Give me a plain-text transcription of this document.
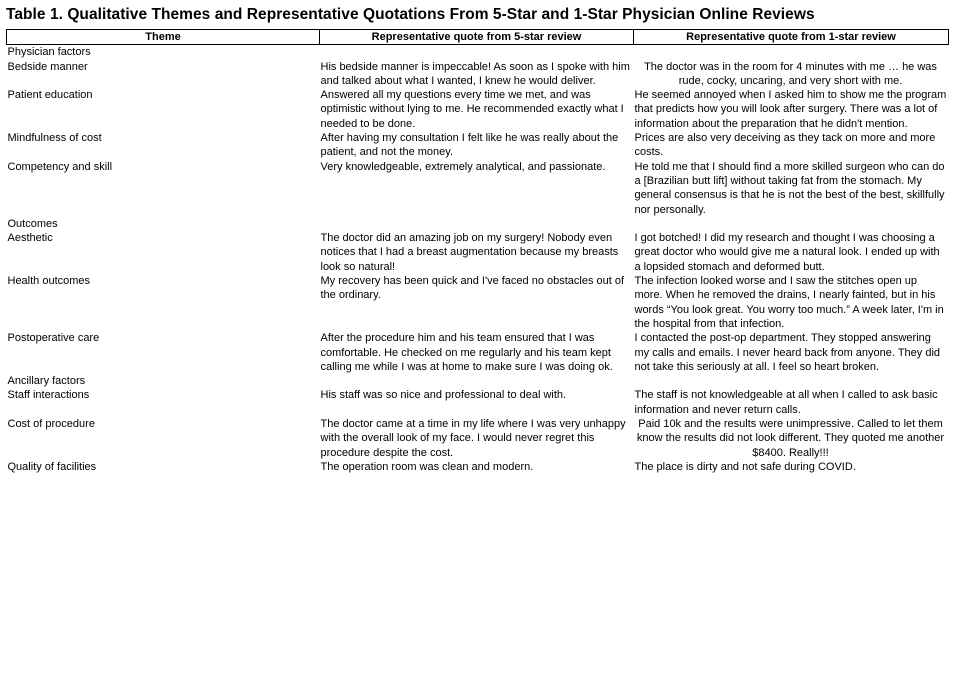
Table 1. Qualitative Themes and Representative Quotations From 5-Star and 1-Star Physician Online Reviews
Theme	Representative quote from 5-star review	Representative quote from 1-star review
Physician factors		
Bedside manner	His bedside manner is impeccable! As soon as I spoke with him and talked about what I wanted, I knew he would deliver.	The doctor was in the room for 4 minutes with me … he was rude, cocky, uncaring, and very short with me.
Patient education	Answered all my questions every time we met, and was optimistic without lying to me. He recommended exactly what I needed to be done.	He seemed annoyed when I asked him to show me the program that predicts how you will look after surgery. There was a lot of information about the preparation that he didn't mention.
Mindfulness of cost	After having my consultation I felt like he was really about the patient, and not the money.	Prices are also very deceiving as they tack on more and more costs.
Competency and skill	Very knowledgeable, extremely analytical, and passionate.	He told me that I should find a more skilled surgeon who can do a [Brazilian butt lift] without taking fat from the stomach. My general consensus is that he is not the best of the best, skillfully nor personally.
Outcomes		
Aesthetic	The doctor did an amazing job on my surgery! Nobody even notices that I had a breast augmentation because my breasts look so natural!	I got botched! I did my research and thought I was choosing a great doctor who would give me a natural look. I ended up with a lopsided stomach and deformed butt.
Health outcomes	My recovery has been quick and I've faced no obstacles out of the ordinary.	The infection looked worse and I saw the stitches open up more. When he removed the drains, I nearly fainted, but in his words “You look great. You worry too much.” A week later, I'm in the hospital from that infection.
Postoperative care	After the procedure him and his team ensured that I was comfortable. He checked on me regularly and his team kept calling me while I was at home to make sure I was doing ok.	I contacted the post-op department. They stopped answering my calls and emails. I never heard back from anyone. They did not take this seriously at all. I feel so heart broken.
Ancillary factors		
Staff interactions	His staff was so nice and professional to deal with.	The staff is not knowledgeable at all when I called to ask basic information and never return calls.
Cost of procedure	The doctor came at a time in my life where I was very unhappy with the overall look of my face. I would never regret this procedure despite the cost.	Paid 10k and the results were unimpressive. Called to let them know the results did not look different. They quoted me another $8400. Really!!!
Quality of facilities	The operation room was clean and modern.	The place is dirty and not safe during COVID.
